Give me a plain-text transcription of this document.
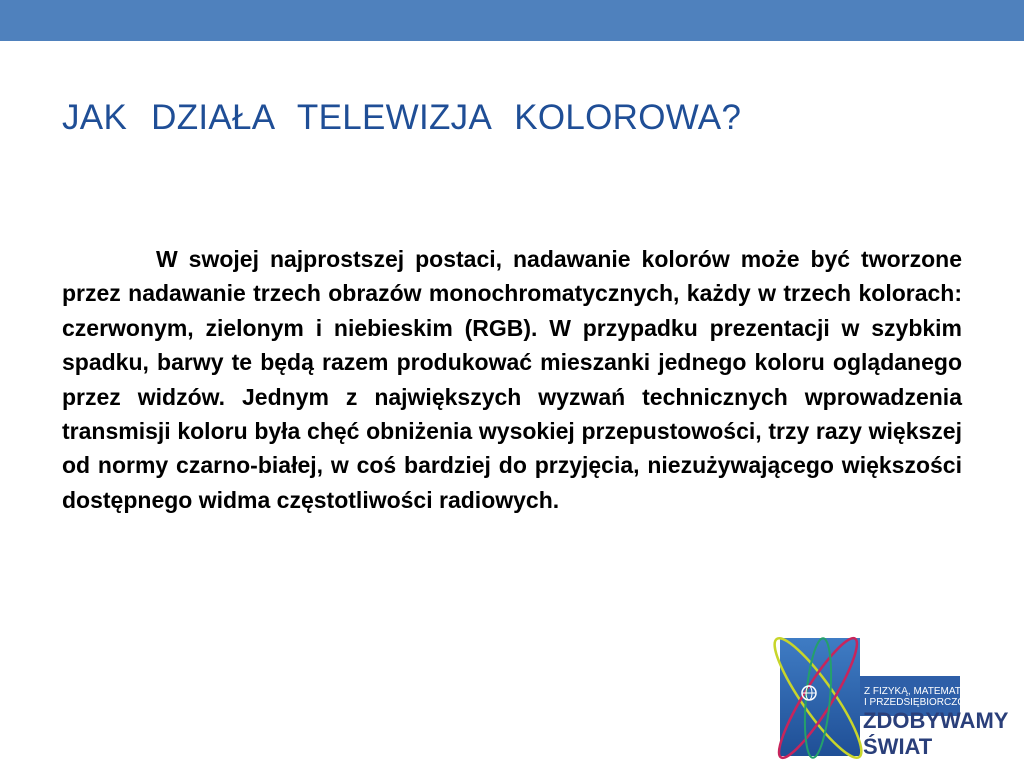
JAK DZIAŁA TELEWIZJA KOLOROWA?

W swojej najprostszej postaci, nadawanie kolorów może być tworzone przez nadawanie trzech obrazów monochromatycznych, każdy w trzech kolorach: czerwonym, zielonym i niebieskim (RGB). W przypadku prezentacji w szybkim spadku, barwy te będą razem produkować mieszanki jednego koloru oglądanego przez widzów. Jednym z największych wyzwań technicznych wprowadzenia transmisji koloru była chęć obniżenia wysokiej przepustowości, trzy razy większej od normy czarno-białej, w coś bardziej do przyjęcia, niezużywającego większości dostępnego widma częstotliwości radiowych.

Z FIZYKĄ, MATEMATYKĄ
I PRZEDSIĘBIORCZOŚCIĄ
ZDOBYWAMY
ŚWIAT
